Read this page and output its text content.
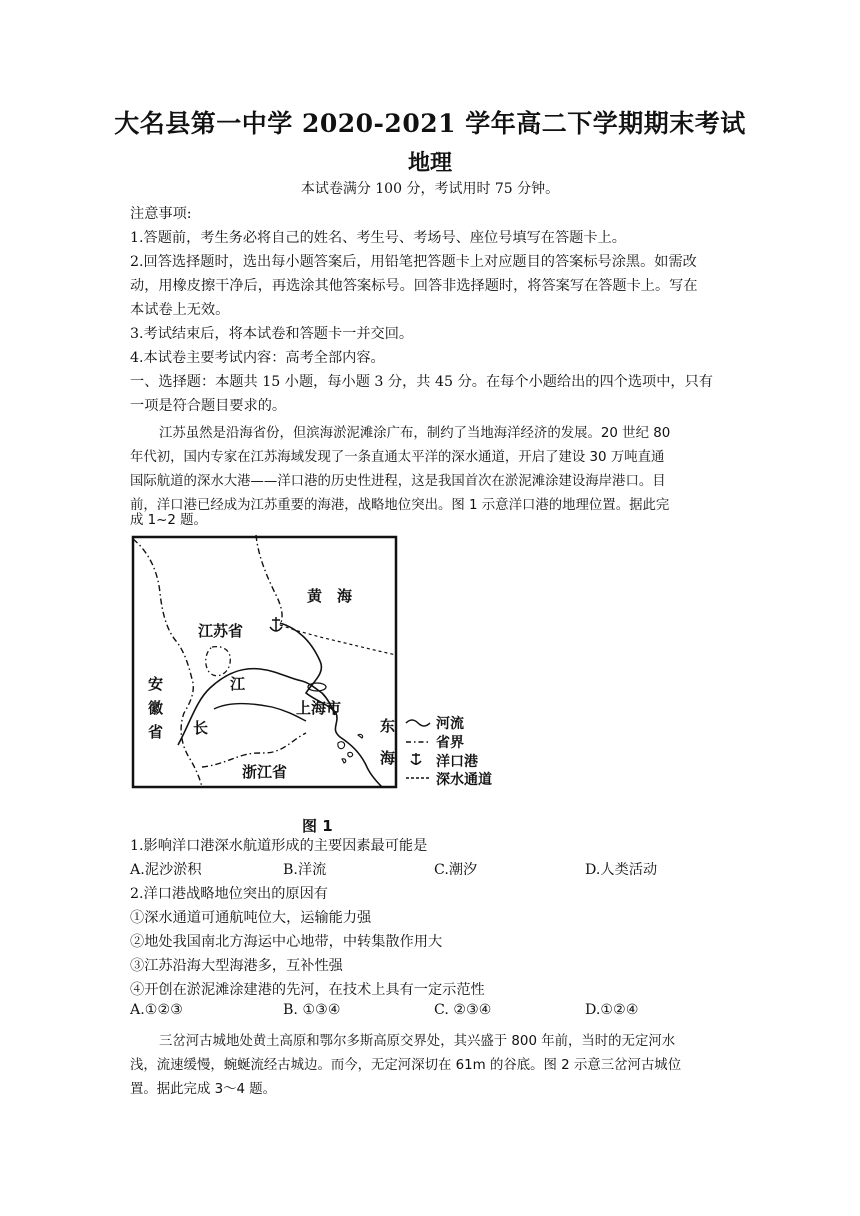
大名县第一中学 2020-2021 学年高二下学期期末考试
地理
本试卷满分 100 分，考试用时 75 分钟。
注意事项:
1.答题前，考生务必将自己的姓名、考生号、考场号、座位号填写在答题卡上。
2.回答选择题时，选出每小题答案后，用铅笔把答题卡上对应题目的答案标号涂黑。如需改
动，用橡皮擦干净后，再选涂其他答案标号。回答非选择题时，将答案写在答题卡上。写在
本试卷上无效。
3.考试结束后，将本试卷和答题卡一并交回。
4.本试卷主要考试内容：高考全部内容。
一、选择题：本题共 15 小题，每小题 3 分，共 45 分。在每个小题给出的四个选项中，只有
一项是符合题目要求的。
江苏虽然是沿海省份，但滨海淤泥滩涂广布，制约了当地海洋经济的发展。20 世纪 80
年代初，国内专家在江苏海域发现了一条直通太平洋的深水通道，开启了建设 30 万吨直通
国际航道的深水大港——洋口港的历史性进程，这是我国首次在淤泥滩涂建设海岸港口。目
前，洋口港已经成为江苏重要的海港，战略地位突出。图 1 示意洋口港的地理位置。据此完
成 1~2 题。
黄　海
江苏省
安
徽
省
江
长
上海市
东
海
浙江省
河流
省界
洋口港
深水通道
图 1
1.影响洋口港深水航道形成的主要因素最可能是
A.泥沙淤积	B.洋流	C.潮汐	D.人类活动
2.洋口港战略地位突出的原因有
①深水通道可通航吨位大，运输能力强
②地处我国南北方海运中心地带，中转集散作用大
③江苏沿海大型海港多，互补性强
④开创在淤泥滩涂建港的先河，在技术上具有一定示范性
A.①②③	B. ①③④	C. ②③④	D.①②④
三岔河古城地处黄土高原和鄂尔多斯高原交界处，其兴盛于 800 年前，当时的无定河水
浅，流速缓慢，蜿蜒流经古城边。而今，无定河深切在 61m 的谷底。图 2 示意三岔河古城位
置。据此完成 3～4 题。
